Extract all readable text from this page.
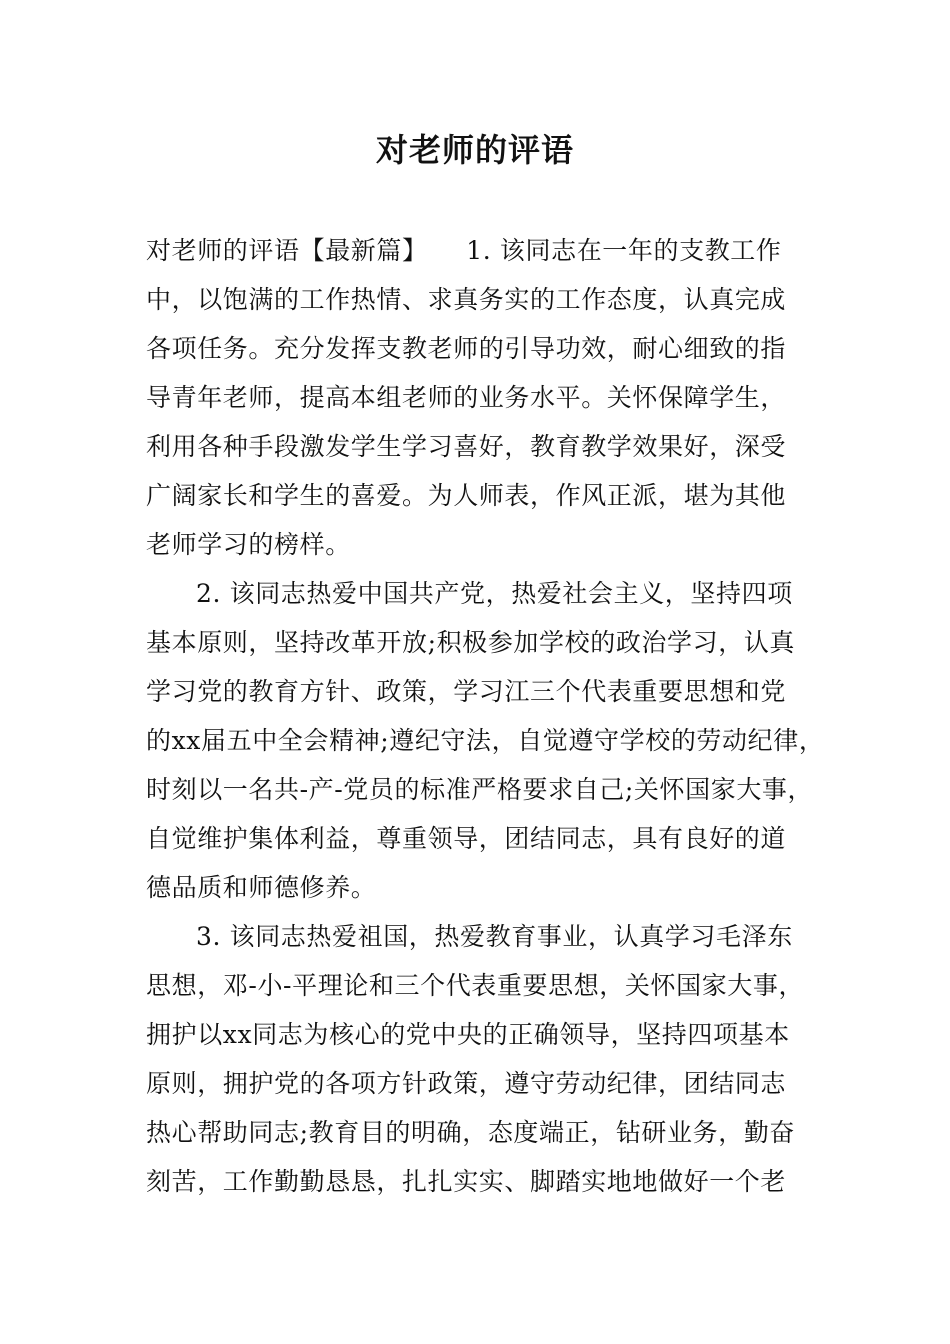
对老师的评语
对老师的评语【最新篇】　　1. 该同志在一年的支教工作
中，以饱满的工作热情、求真务实的工作态度，认真完成
各项任务。充分发挥支教老师的引导功效，耐心细致的指
导青年老师，提高本组老师的业务水平。关怀保障学生，
利用各种手段激发学生学习喜好，教育教学效果好，深受
广阔家长和学生的喜爱。为人师表，作风正派，堪为其他
老师学习的榜样。
2. 该同志热爱中国共产党，热爱社会主义，坚持四项
基本原则，坚持改革开放;积极参加学校的政治学习，认真
学习党的教育方针、政策，学习江三个代表重要思想和党
的xx届五中全会精神;遵纪守法，自觉遵守学校的劳动纪律，
时刻以一名共-产-党员的标准严格要求自己;关怀国家大事，
自觉维护集体利益，尊重领导，团结同志，具有良好的道
德品质和师德修养。
3. 该同志热爱祖国，热爱教育事业，认真学习毛泽东
思想，邓-小-平理论和三个代表重要思想，关怀国家大事，
拥护以xx同志为核心的党中央的正确领导，坚持四项基本
原则，拥护党的各项方针政策，遵守劳动纪律，团结同志
热心帮助同志;教育目的明确，态度端正，钻研业务，勤奋
刻苦，工作勤勤恳恳，扎扎实实、脚踏实地地做好一个老
